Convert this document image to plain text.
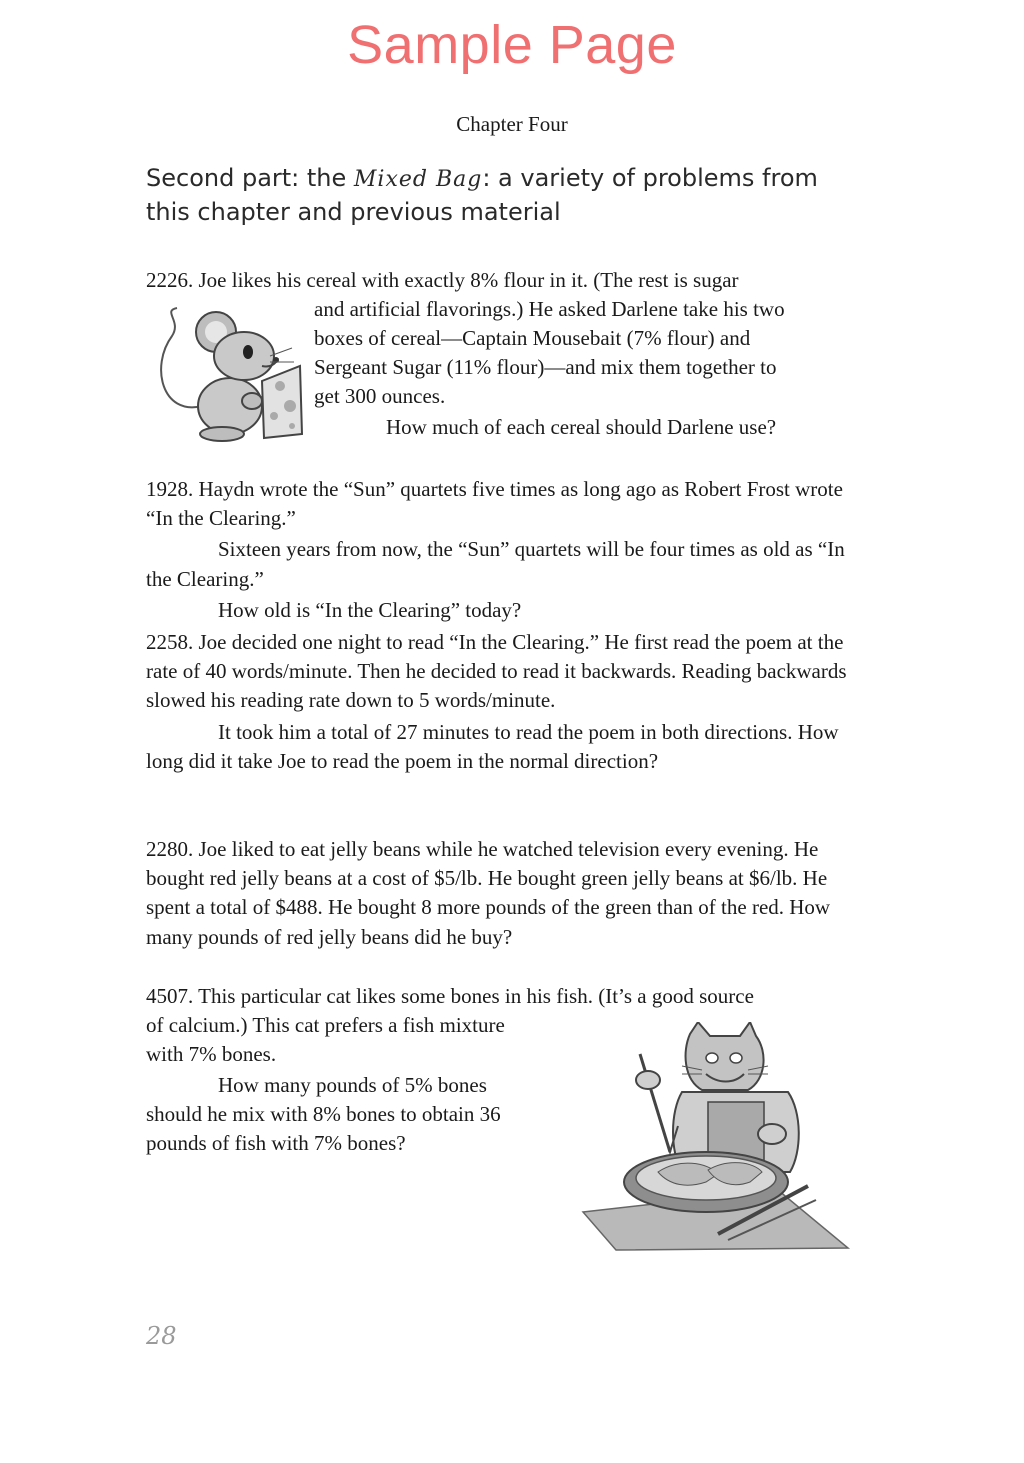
Sample Page
Chapter Four
Second part: the Mixed Bag: a variety of problems from this chapter and previous material
2226. Joe likes his cereal with exactly 8% flour in it. (The rest is sugar
and artificial flavorings.) He asked Darlene take his two
boxes of cereal—Captain Mousebait (7% flour) and
Sergeant Sugar (11% flour)—and mix them together to
get 300 ounces.
How much of each cereal should Darlene use?

1928. Haydn wrote the “Sun” quartets five times as long ago as Robert Frost wrote “In the Clearing.”

Sixteen years from now, the “Sun” quartets will be four times as old as “In the Clearing.”

How old is “In the Clearing” today?

2258. Joe decided one night to read “In the Clearing.” He first read the poem at the rate of 40 words/minute. Then he decided to read it backwards. Reading backwards slowed his reading rate down to 5 words/minute.

It took him a total of 27 minutes to read the poem in both directions. How long did it take Joe to read the poem in the normal direction?

2280. Joe liked to eat jelly beans while he watched television every evening. He bought red jelly beans at a cost of $5/lb. He bought green jelly beans at $6/lb. He spent a total of $488. He bought 8 more pounds of the green than of the red. How many pounds of red jelly beans did he buy?

4507. This particular cat likes some bones in his fish. (It’s a good source
of calcium.) This cat prefers a fish mixture
with 7% bones.
How many pounds of 5% bones
should he mix with 8% bones to obtain 36
pounds of fish with 7% bones?
28
